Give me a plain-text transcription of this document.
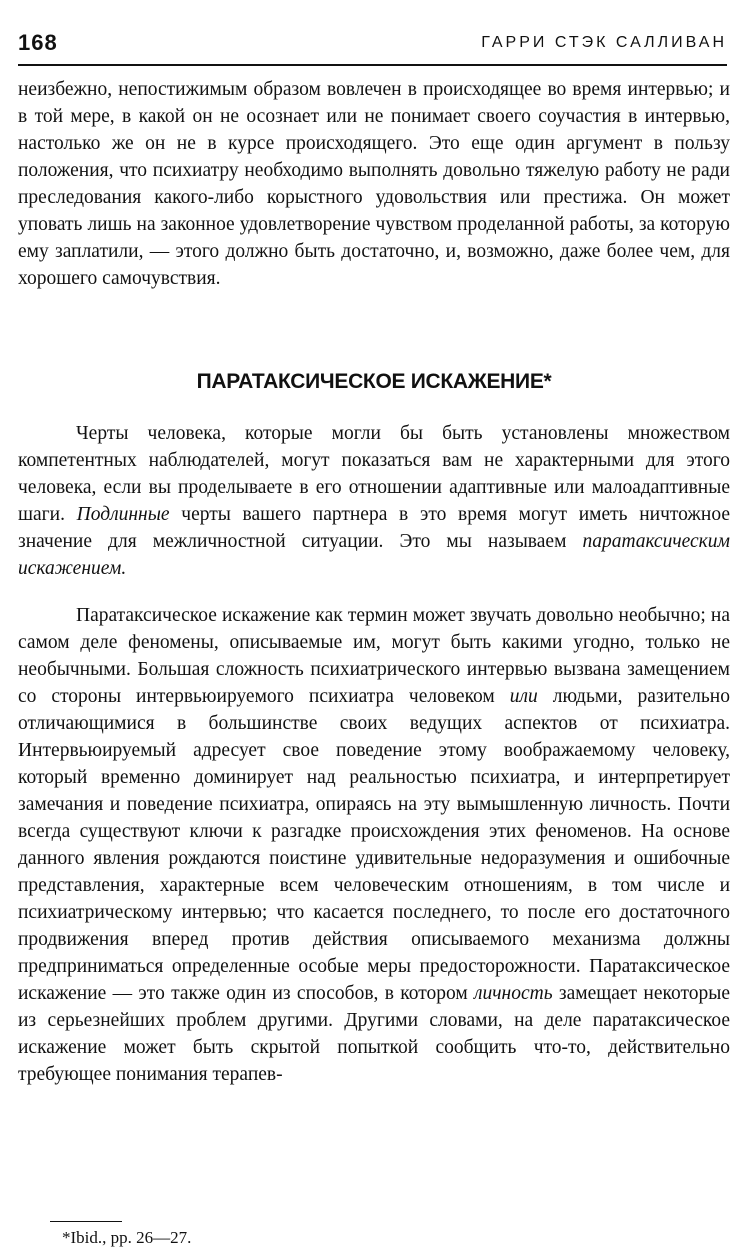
168	ГАРРИ СТЭК САЛЛИВАН
неизбежно, непостижимым образом вовлечен в происходящее во время интервью; и в той мере, в какой он не осознает или не понимает своего соучастия в интервью, настолько же он не в курсе происходящего. Это еще один аргумент в пользу положения, что психиатру необходимо выполнять довольно тяжелую работу не ради преследования какого-либо корыстного удовольствия или престижа. Он может уповать лишь на законное удовлетворение чувством проделанной работы, за которую ему заплатили, — этого должно быть достаточно, и, возможно, даже более чем, для хорошего самочувствия.
ПАРАТАКСИЧЕСКОЕ ИСКАЖЕНИЕ*
Черты человека, которые могли бы быть установлены множеством компетентных наблюдателей, могут показаться вам не характерными для этого человека, если вы проделываете в его отношении адаптивные или малоадаптивные шаги. Подлинные черты вашего партнера в это время могут иметь ничтожное значение для межличностной ситуации. Это мы называем паратаксическим искажением.
Паратаксическое искажение как термин может звучать довольно необычно; на самом деле феномены, описываемые им, могут быть какими угодно, только не необычными. Большая сложность психиатрического интервью вызвана замещением со стороны интервьюируемого психиатра человеком или людьми, разительно отличающимися в большинстве своих ведущих аспектов от психиатра. Интервьюируемый адресует свое поведение этому воображаемому человеку, который временно доминирует над реальностью психиатра, и интерпретирует замечания и поведение психиатра, опираясь на эту вымышленную личность. Почти всегда существуют ключи к разгадке происхождения этих феноменов. На основе данного явления рождаются поистине удивительные недоразумения и ошибочные представления, характерные всем человеческим отношениям, в том числе и психиатрическому интервью; что касается последнего, то после его достаточного продвижения вперед против действия описываемого механизма должны предприниматься определенные особые меры предосторожности. Паратаксическое искажение — это также один из способов, в котором личность замещает некоторые из серьезнейших проблем другими. Другими словами, на деле паратаксическое искажение может быть скрытой попыткой сообщить что-то, действительно требующее понимания терапев-
*Ibid., pp. 26—27.
